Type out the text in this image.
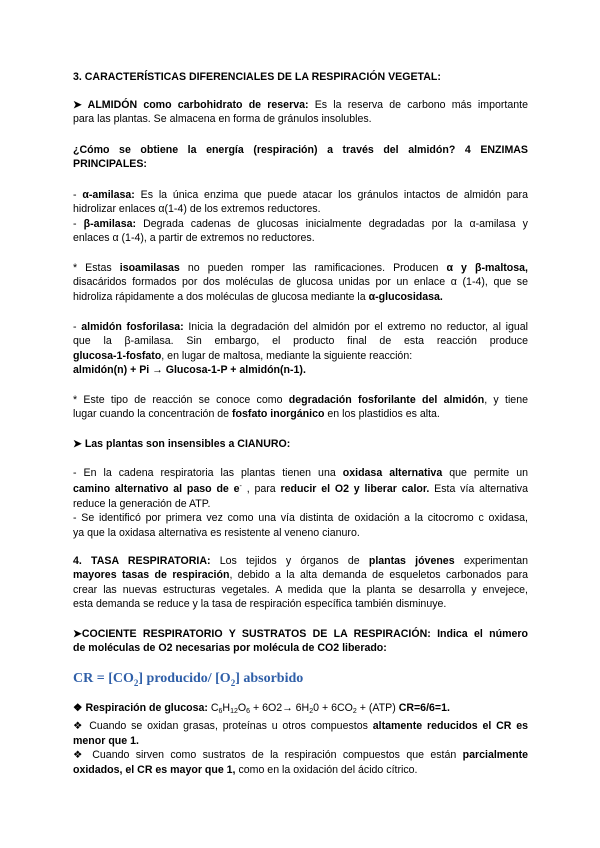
3. CARACTERÍSTICAS DIFERENCIALES DE LA RESPIRACIÓN VEGETAL:
➤ ALMIDÓN como carbohidrato de reserva: Es la reserva de carbono más importante
para las plantas. Se almacena en forma de gránulos insolubles.
¿Cómo se obtiene la energía (respiración) a través del almidón? 4 ENZIMAS
PRINCIPALES:
- α-amilasa: Es la única enzima que puede atacar los gránulos intactos de almidón para
hidrolizar enlaces α(1-4) de los extremos reductores.
- β-amilasa: Degrada cadenas de glucosas inicialmente degradadas por la α-amilasa y
enlaces α (1-4), a partir de extremos no reductores.
* Estas isoamilasas no pueden romper las ramificaciones. Producen α y β-maltosa,
disacáridos formados por dos moléculas de glucosa unidas por un enlace α (1-4), que se
hidroliza rápidamente a dos moléculas de glucosa mediante la α-glucosidasa.
- almidón fosforilasa: Inicia la degradación del almidón por el extremo no reductor, al igual
que la β-amilasa. Sin embargo, el producto final de esta reacción produce
glucosa-1-fosfato, en lugar de maltosa, mediante la siguiente reacción:
almidón(n) + Pi → Glucosa-1-P + almidón(n-1).
* Este tipo de reacción se conoce como degradación fosforilante del almidón, y tiene
lugar cuando la concentración de fosfato inorgánico en los plastidios es alta.
➤ Las plantas son insensibles a CIANURO:
- En la cadena respiratoria las plantas tienen una oxidasa alternativa que permite un
camino alternativo al paso de e- , para reducir el O2 y liberar calor. Esta vía alternativa
reduce la generación de ATP.
- Se identificó por primera vez como una vía distinta de oxidación a la citocromo c oxidasa,
ya que la oxidasa alternativa es resistente al veneno cianuro.
4. TASA RESPIRATORIA: Los tejidos y órganos de plantas jóvenes experimentan
mayores tasas de respiración, debido a la alta demanda de esqueletos carbonados para
crear las nuevas estructuras vegetales. A medida que la planta se desarrolla y envejece,
esta demanda se reduce y la tasa de respiración específica también disminuye.
➤COCIENTE RESPIRATORIO Y SUSTRATOS DE LA RESPIRACIÓN: Indica el número
de moléculas de O2 necesarias por molécula de CO2 liberado:
CR = $[CO_2]$ producido/ $[O_2]$ absorbido
❖ Respiración de glucosa: $C_6H_{12}O_6 + 6O2\to 6H_20 + 6CO_2 + (ATP)$ CR=6/6=1.
❖ Cuando se oxidan grasas, proteínas u otros compuestos altamente reducidos el CR es
menor que 1.
❖ Cuando sirven como sustratos de la respiración compuestos que están parcialmente
oxidados, el CR es mayor que 1, como en la oxidación del ácido cítrico.
